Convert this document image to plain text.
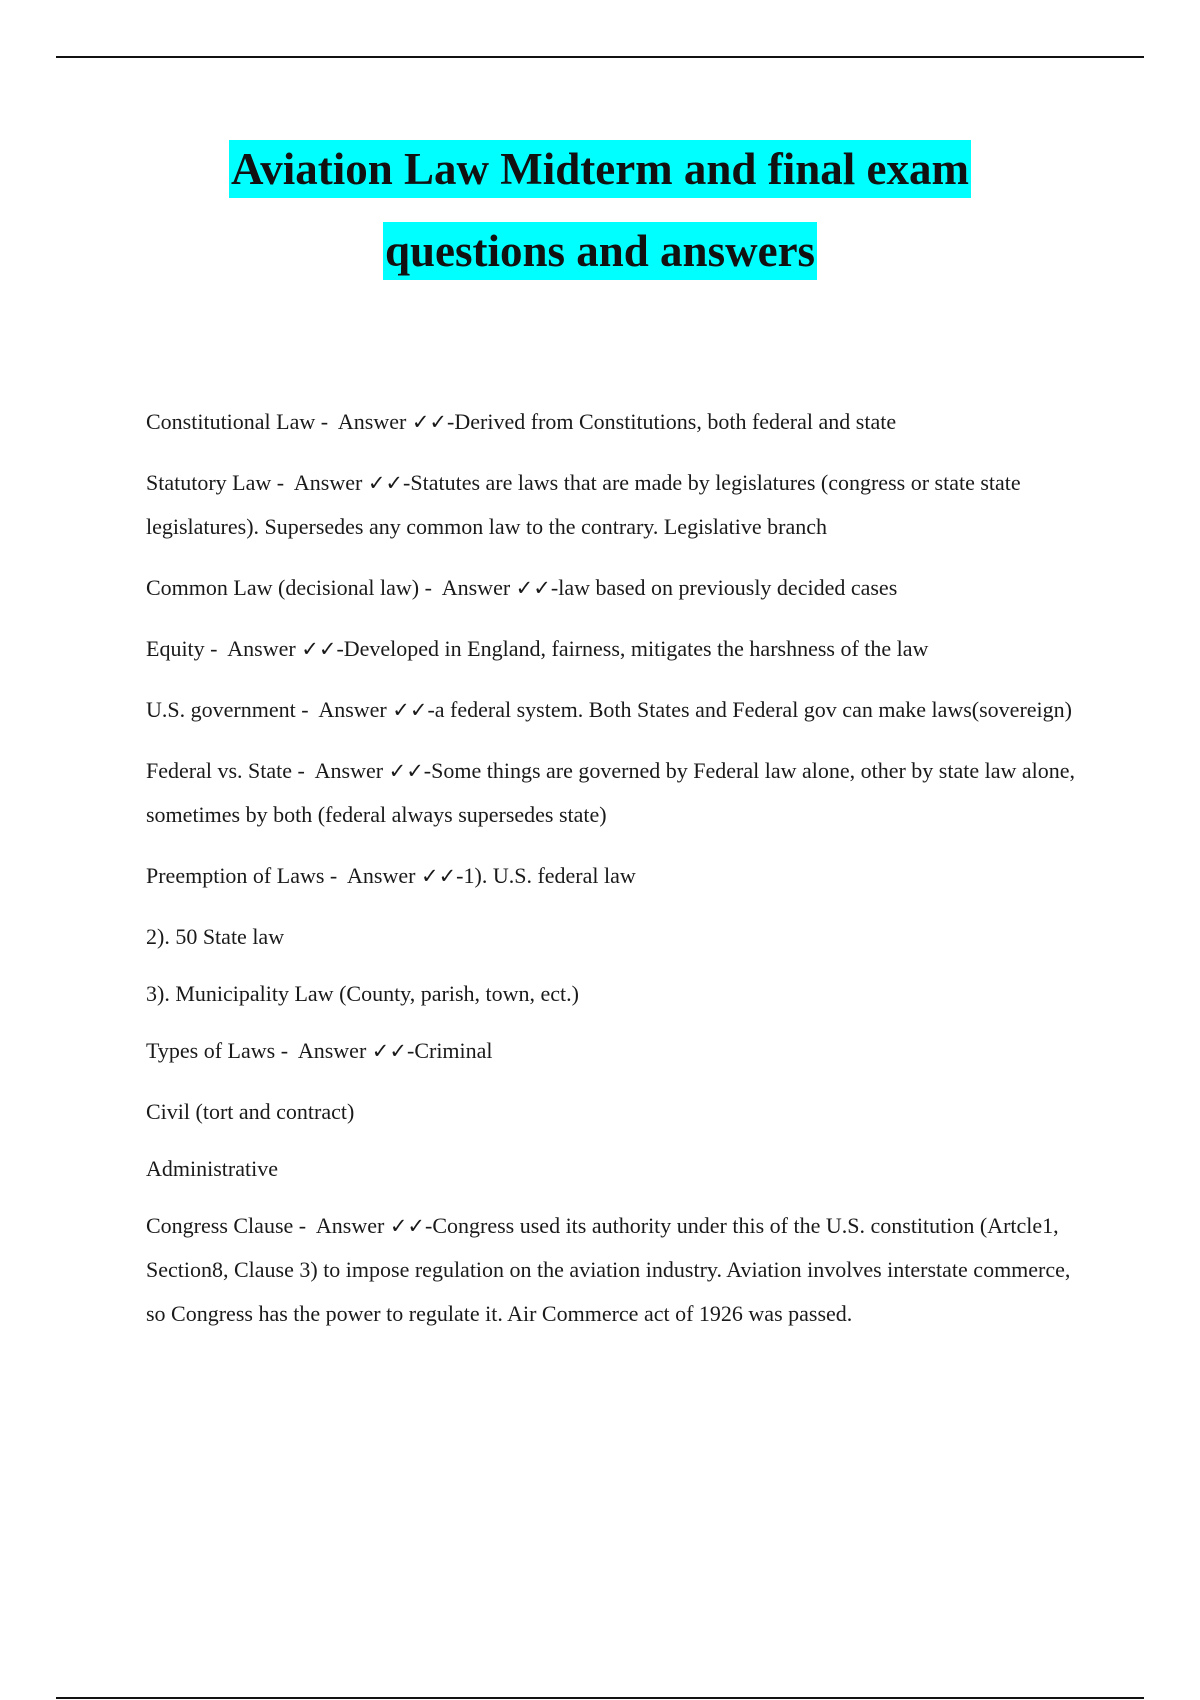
Aviation Law Midterm and final exam
questions and answers

Constitutional Law -  Answer ✓✓-Derived from Constitutions, both federal and state

Statutory Law -  Answer ✓✓-Statutes are laws that are made by legislatures (congress or state state legislatures). Supersedes any common law to the contrary. Legislative branch

Common Law (decisional law) -  Answer ✓✓-law based on previously decided cases

Equity -  Answer ✓✓-Developed in England, fairness, mitigates the harshness of the law

U.S. government -  Answer ✓✓-a federal system. Both States and Federal gov can make laws(sovereign)

Federal vs. State -  Answer ✓✓-Some things are governed by Federal law alone, other by state law alone, sometimes by both (federal always supersedes state)

Preemption of Laws -  Answer ✓✓-1). U.S. federal law

2). 50 State law

3). Municipality Law (County, parish, town, ect.)

Types of Laws -  Answer ✓✓-Criminal

Civil (tort and contract)

Administrative

Congress Clause -  Answer ✓✓-Congress used its authority under this of the U.S. constitution (Artcle1, Section8, Clause 3) to impose regulation on the aviation industry. Aviation involves interstate commerce, so Congress has the power to regulate it. Air Commerce act of 1926 was passed.
